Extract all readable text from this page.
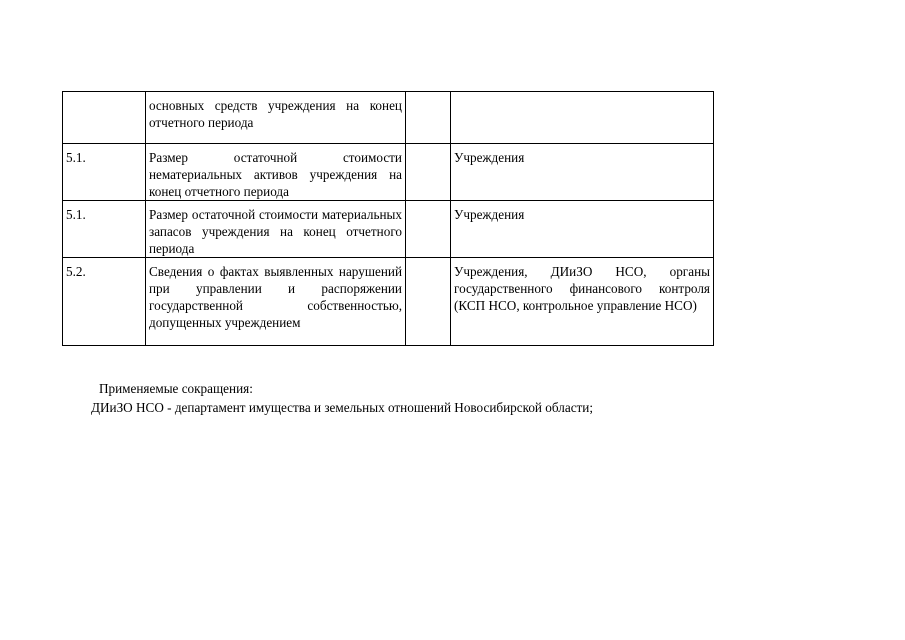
	основных средств учреждения на конец отчетного периода		
5.1.	Размер остаточной стоимости нематериальных активов учреждения на конец отчетного периода		Учреждения
5.1.	Размер остаточной стоимости материальных запасов учреждения на конец отчетного периода		Учреждения
5.2.	Сведения о фактах выявленных нарушений при управлении и распоряжении государственной собственностью, допущенных учреждением		Учреждения, ДИиЗО НСО, органы государственного финансового контроля (КСП НСО, контрольное управление НСО)
Применяемые сокращения:
ДИиЗО НСО - департамент имущества и земельных отношений Новосибирской области;
